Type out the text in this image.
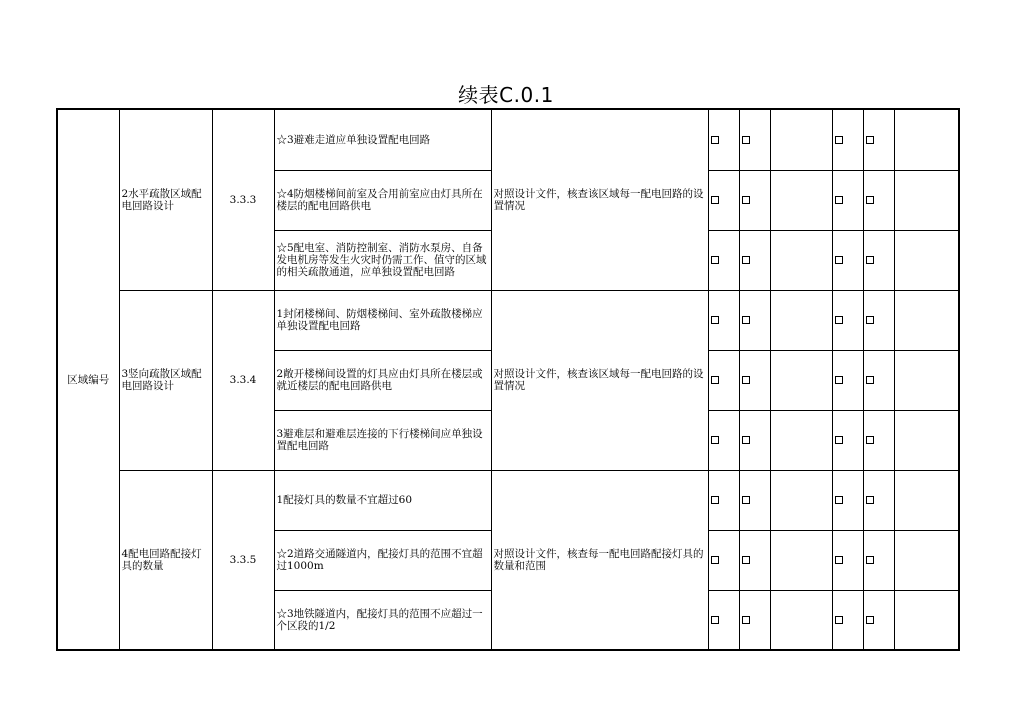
续表C.0.1
区域编号	2水平疏散区域配电回路设计	3.3.3	☆3避难走道应单独设置配电回路	对照设计文件，核查该区域每一配电回路的设置情况						
			☆4防烟楼梯间前室及合用前室应由灯具所在楼层的配电回路供电							
			☆5配电室、消防控制室、消防水泵房、自备发电机房等发生火灾时仍需工作、值守的区域的相关疏散通道，应单独设置配电回路							
	3竖向疏散区域配电回路设计	3.3.4	1封闭楼梯间、防烟楼梯间、室外疏散楼梯应单独设置配电回路	对照设计文件，核查该区域每一配电回路的设置情况						
			2敞开楼梯间设置的灯具应由灯具所在楼层或就近楼层的配电回路供电							
			3避难层和避难层连接的下行楼梯间应单独设置配电回路							
	4配电回路配接灯具的数量	3.3.5	1配接灯具的数量不宜超过60	对照设计文件，核查每一配电回路配接灯具的数量和范围						
			☆2道路交通隧道内，配接灯具的范围不宜超过1000m							
			☆3地铁隧道内，配接灯具的范围不应超过一个区段的1/2							
